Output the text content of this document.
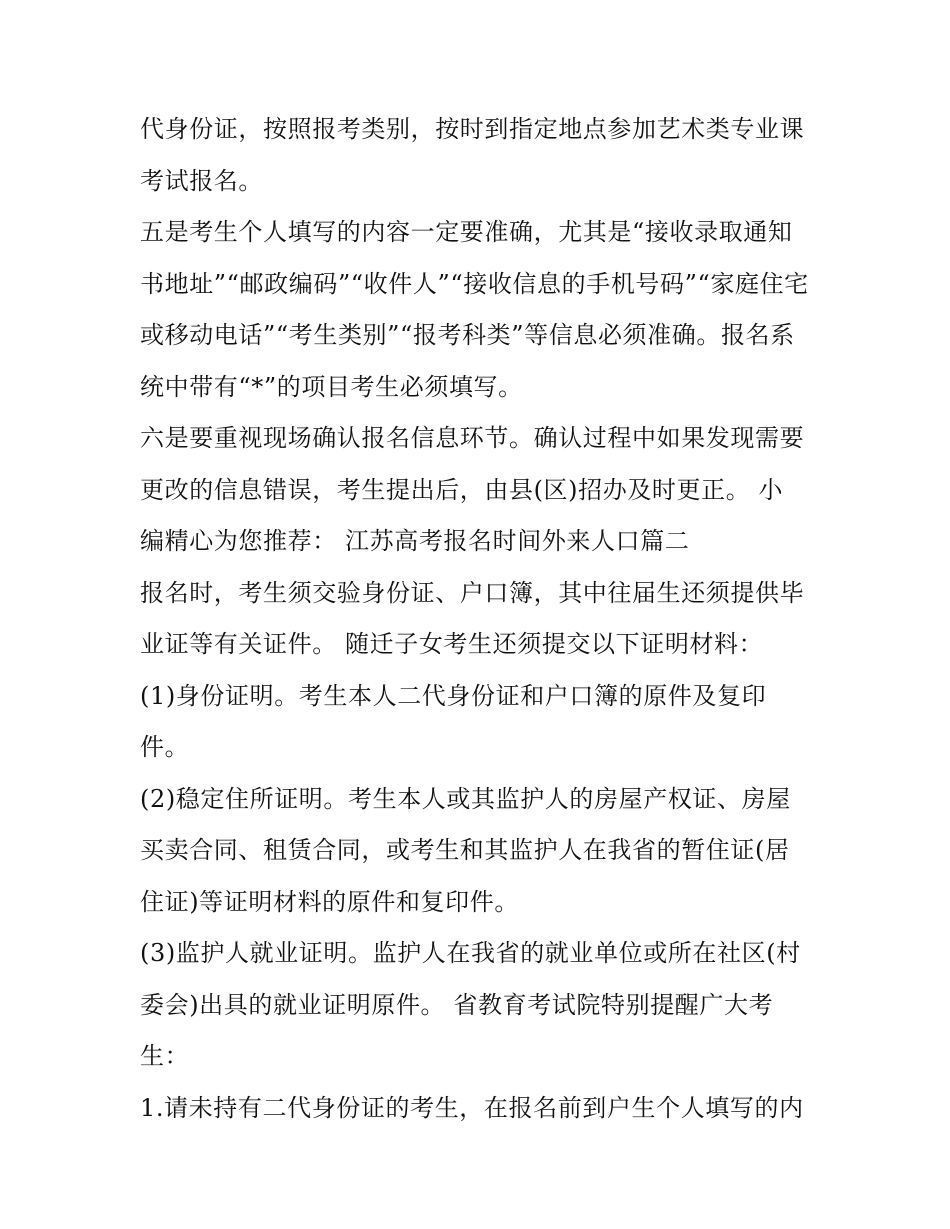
代身份证，按照报考类别，按时到指定地点参加艺术类专业课
考试报名。
五是考生个人填写的内容一定要准确，尤其是“接收录取通知
书地址”“邮政编码”“收件人”“接收信息的手机号码”“家庭住宅
或移动电话”“考生类别”“报考科类”等信息必须准确。报名系
统中带有“*”的项目考生必须填写。
六是要重视现场确认报名信息环节。确认过程中如果发现需要
更改的信息错误，考生提出后，由县(区)招办及时更正。 小
编精心为您推荐： 江苏高考报名时间外来人口篇二
报名时，考生须交验身份证、户口簿，其中往届生还须提供毕
业证等有关证件。 随迁子女考生还须提交以下证明材料：
(1)身份证明。考生本人二代身份证和户口簿的原件及复印
件。
(2)稳定住所证明。考生本人或其监护人的房屋产权证、房屋
买卖合同、租赁合同，或考生和其监护人在我省的暂住证(居
住证)等证明材料的原件和复印件。
(3)监护人就业证明。监护人在我省的就业单位或所在社区(村
委会)出具的就业证明原件。 省教育考试院特别提醒广大考
生：
1.请未持有二代身份证的考生，在报名前到户生个人填写的内
